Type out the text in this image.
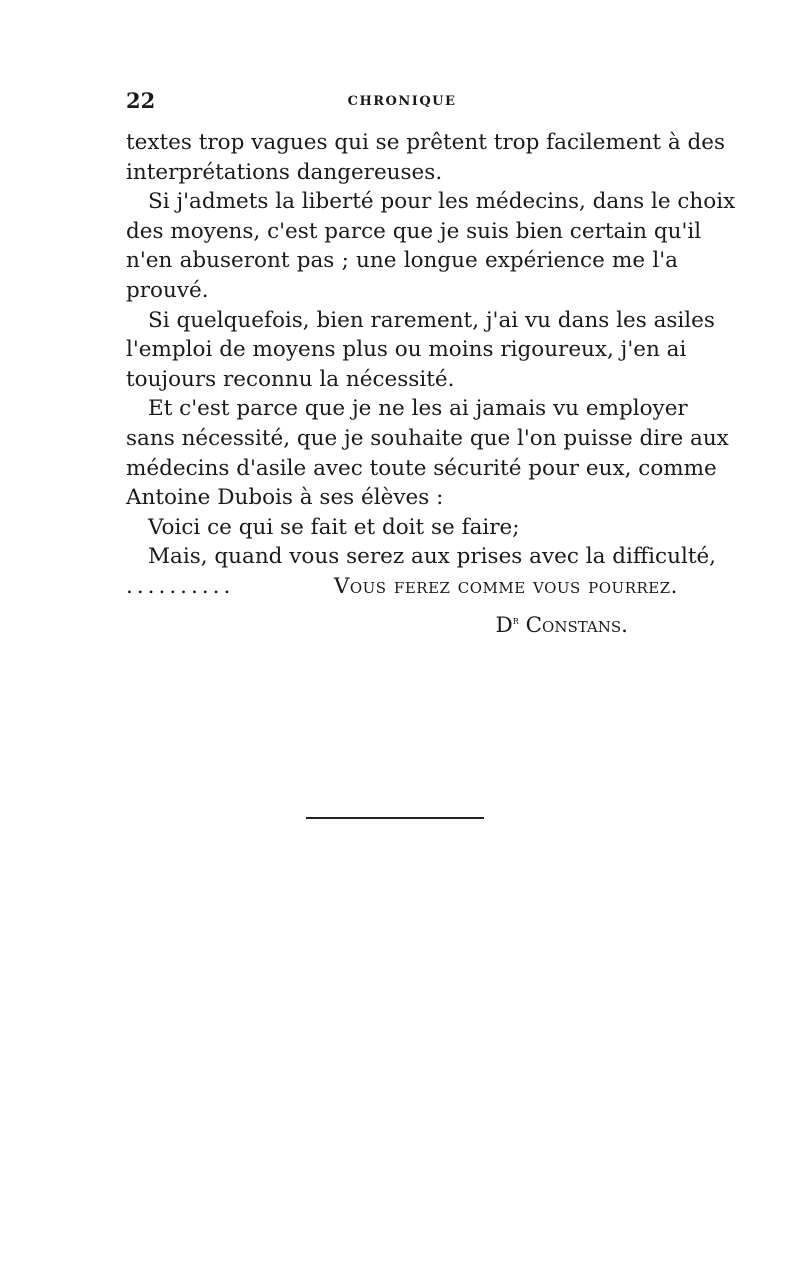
22	CHRONIQUE
textes trop vagues qui se prêtent trop facilement à des
interprétations dangereuses.
Si j'admets la liberté pour les médecins, dans le choix
des moyens, c'est parce que je suis bien certain qu'il
n'en abuseront pas ; une longue expérience me l'a
prouvé.
Si quelquefois, bien rarement, j'ai vu dans les asiles
l'emploi de moyens plus ou moins rigoureux, j'en ai
toujours reconnu la nécessité.
Et c'est parce que je ne les ai jamais vu employer
sans nécessité, que je souhaite que l'on puisse dire aux
médecins d'asile avec toute sécurité pour eux, comme
Antoine Dubois à ses élèves :
Voici ce qui se fait et doit se faire;
Mais, quand vous serez aux prises avec la difficulté,
..........	Vous ferez comme vous pourrez.
$D^r$ Constans.
